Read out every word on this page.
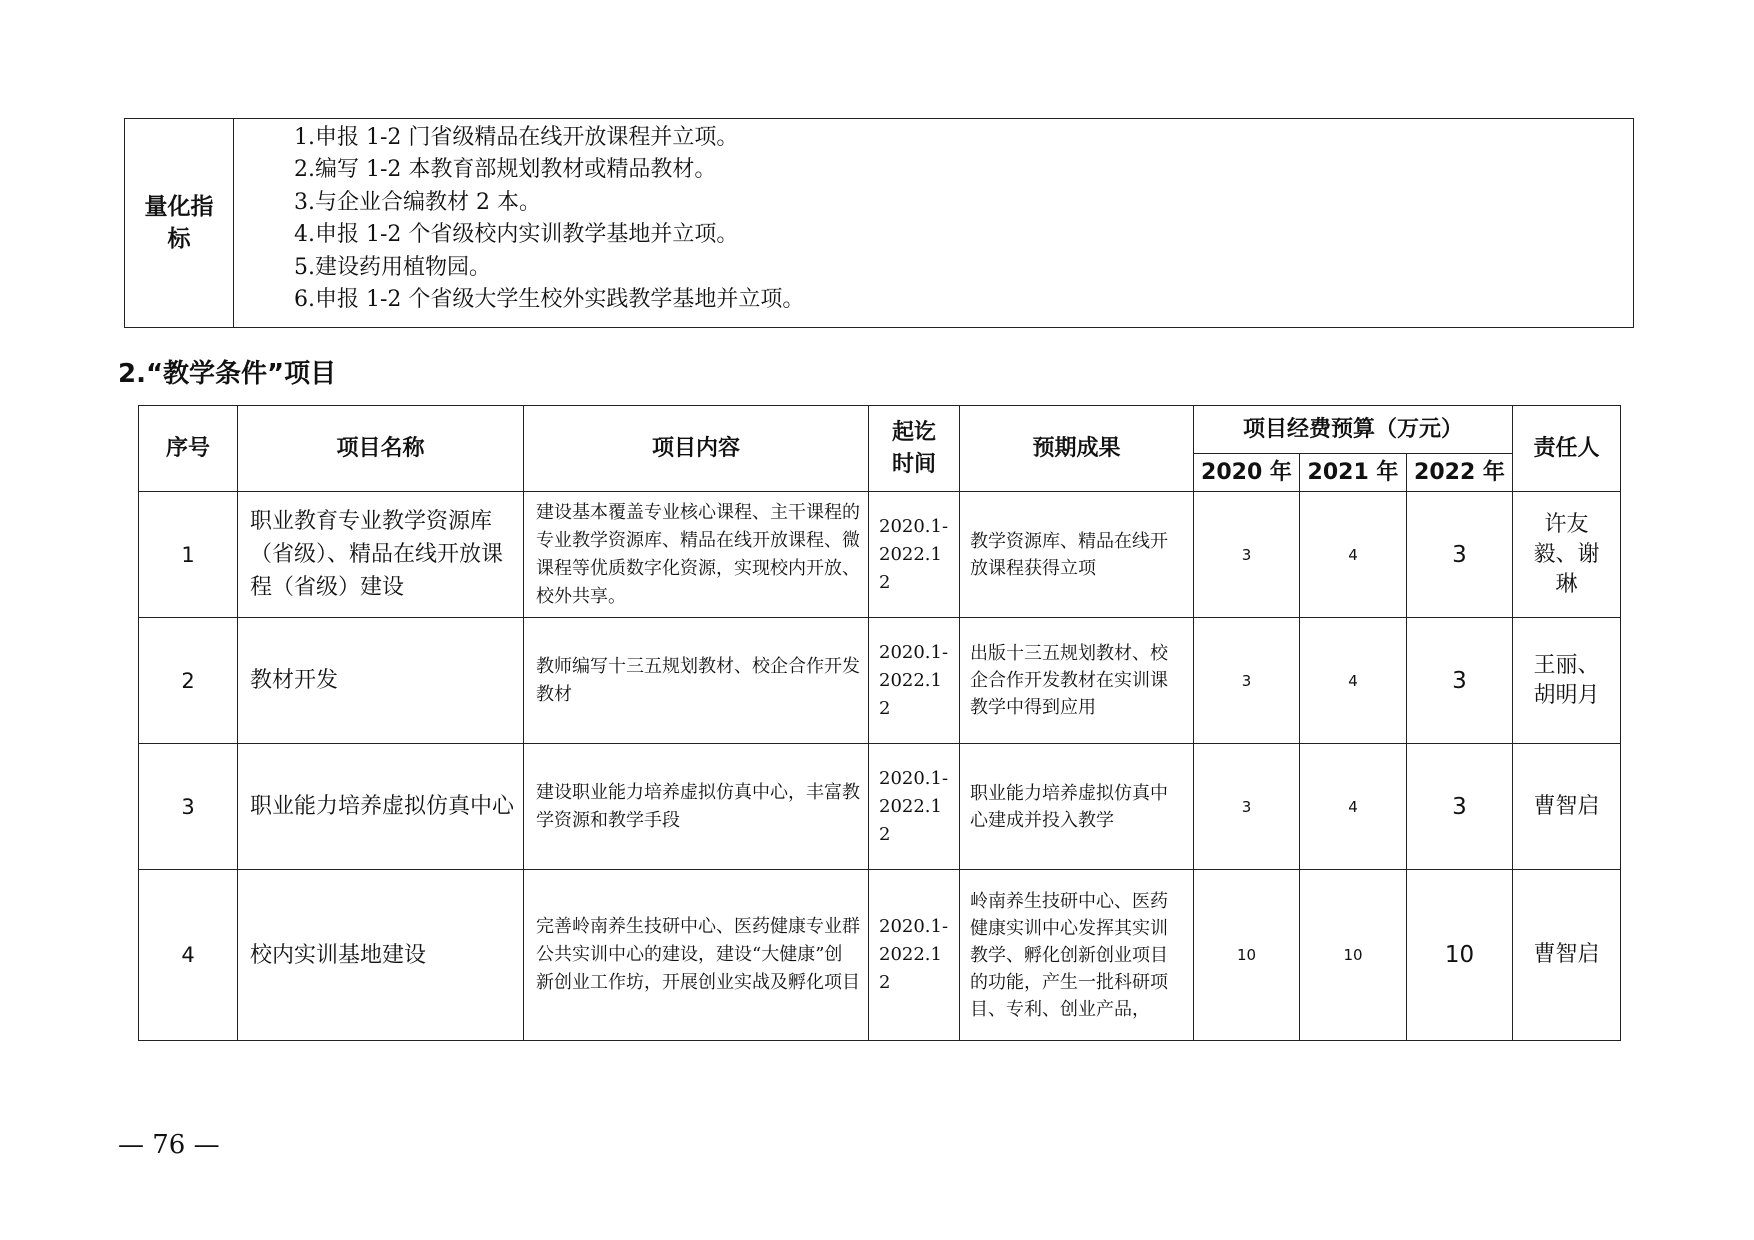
量化指标

1.申报 1-2 门省级精品在线开放课程并立项。
2.编写 1-2 本教育部规划教材或精品教材。
3.与企业合编教材 2 本。
4.申报 1-2 个省级校内实训教学基地并立项。
5.建设药用植物园。
6.申报 1-2 个省级大学生校外实践教学基地并立项。
2.“教学条件”项目
序号	项目名称	项目内容	起讫时间	预期成果	项目经费预算（万元）			责任人
					2020 年	2021 年	2022 年	
1	职业教育专业教学资源库（省级）、精品在线开放课程（省级）建设	建设基本覆盖专业核心课程、主干课程的专业教学资源库、精品在线开放课程、微课程等优质数字化资源，实现校内开放、校外共享。	2020.1-2022.12	教学资源库、精品在线开放课程获得立项	3	4	3	许友毅、谢琳

2	教材开发	教师编写十三五规划教材、校企合作开发教材	2020.1-2022.12	出版十三五规划教材、校企合作开发教材在实训课教学中得到应用	3	4	3	王丽、胡明月

3	职业能力培养虚拟仿真中心	建设职业能力培养虚拟仿真中心，丰富教学资源和教学手段	2020.1-2022.12	职业能力培养虚拟仿真中心建成并投入教学	3	4	3	曹智启

4	校内实训基地建设	完善岭南养生技研中心、医药健康专业群公共实训中心的建设，建设“大健康”创新创业工作坊，开展创业实战及孵化项目	2020.1-2022.12	岭南养生技研中心、医药健康实训中心发挥其实训教学、孵化创新创业项目的功能，产生一批科研项目、专利、创业产品，	10	10	10	曹智启
— 76 —
